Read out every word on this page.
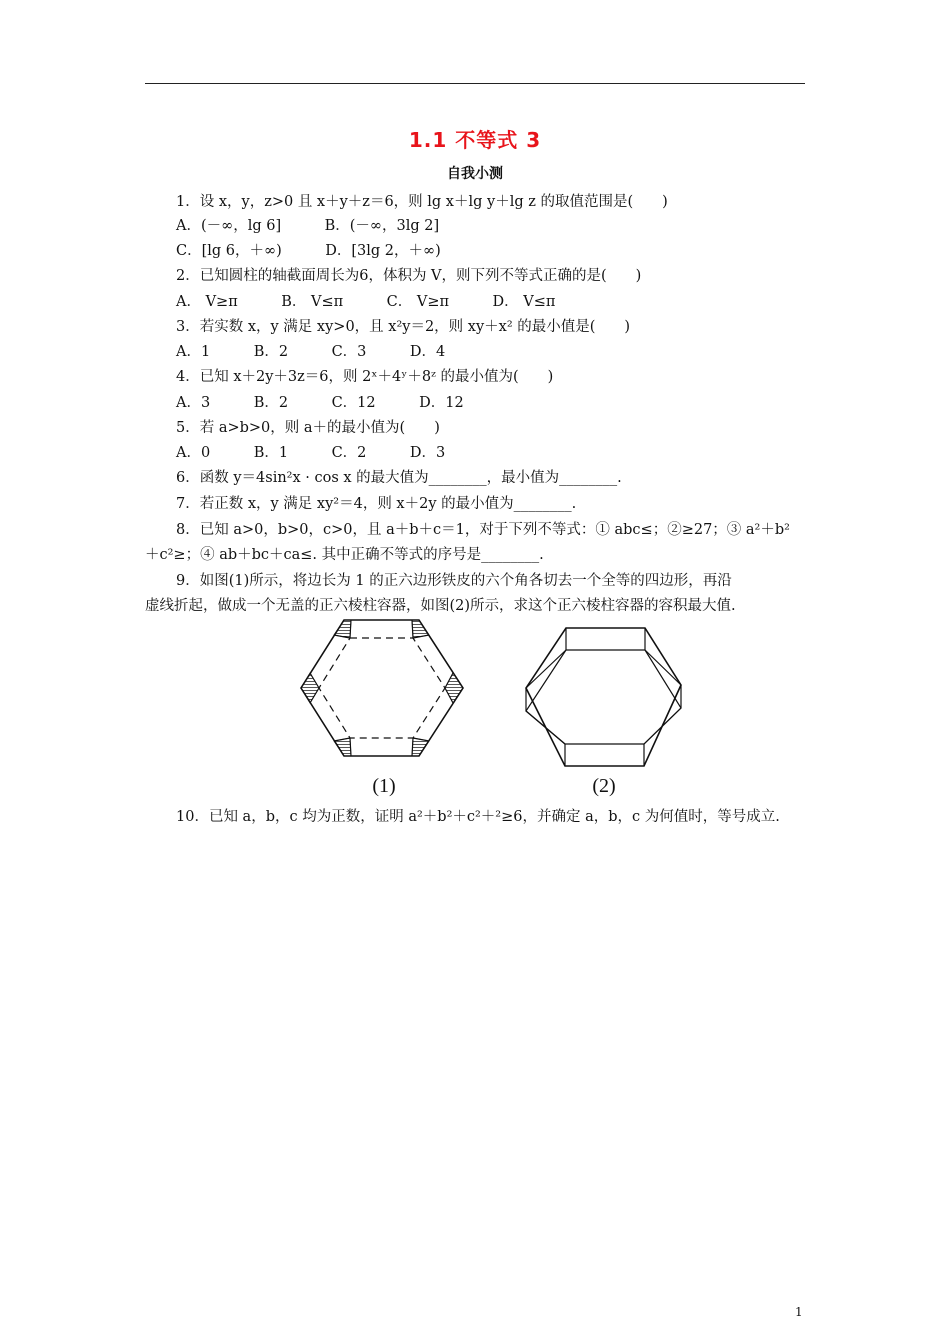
1.1 不等式 3
自我小测
1．设 x，y，z>0 且 x＋y＋z＝6，则 lg x＋lg y＋lg z 的取值范围是(　　)
A．(－∞，lg 6]　　　B．(－∞，3lg 2]
C．[lg 6，＋∞)　　　D．[3lg 2，＋∞)
2．已知圆柱的轴截面周长为6，体积为 V，则下列不等式正确的是(　　)
A． V≥π　　　B． V≤π　　　C． V≥π　　　D． V≤π
3．若实数 x，y 满足 xy>0，且 x²y＝2，则 xy＋x² 的最小值是(　　)
A．1　　　B．2　　　C．3　　　D．4
4．已知 x＋2y＋3z＝6，则 2ˣ＋4ʸ＋8ᶻ 的最小值为(　　)
A．3　　　B．2　　　C．12　　　D．12
5．若 a>b>0，则 a＋的最小值为(　　)
A．0　　　B．1　　　C．2　　　D．3
6．函数 y＝4sin²x · cos x 的最大值为________，最小值为________.
7．若正数 x，y 满足 xy²＝4，则 x＋2y 的最小值为________.
8．已知 a>0，b>0，c>0，且 a＋b＋c＝1，对于下列不等式：① abc≤；②≥27；③ a²＋b²
＋c²≥；④ ab＋bc＋ca≤. 其中正确不等式的序号是________.
9．如图(1)所示，将边长为 1 的正六边形铁皮的六个角各切去一个全等的四边形，再沿
虚线折起，做成一个无盖的正六棱柱容器，如图(2)所示，求这个正六棱柱容器的容积最大值.
(1)	(2)
10．已知 a，b，c 均为正数，证明 a²＋b²＋c²＋²≥6，并确定 a，b，c 为何值时，等号成立.
1
